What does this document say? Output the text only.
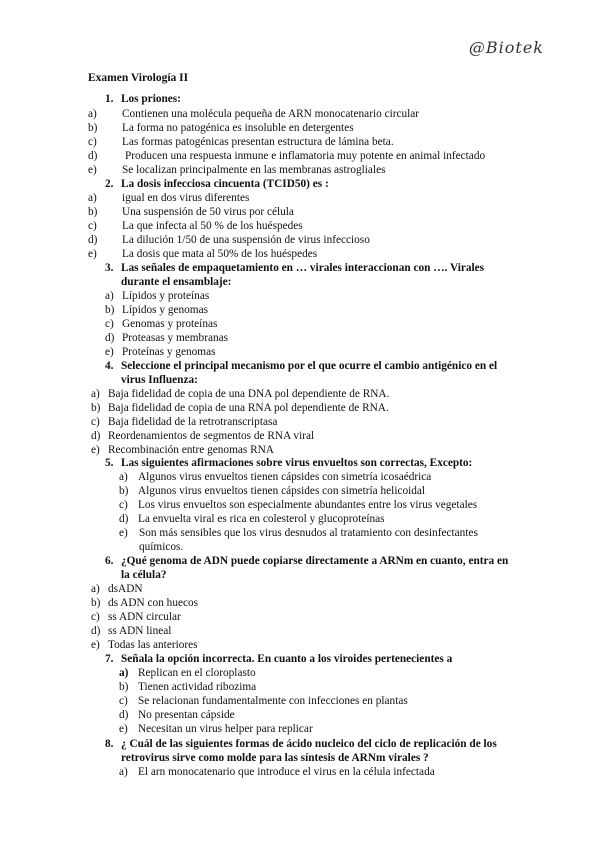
@Biotek
Examen Virología II
1. Los priones:
a) Contienen una molécula pequeña de ARN monocatenario circular
b) La forma no patogénica es insoluble en detergentes
c) Las formas patogénicas presentan estructura de lámina beta.
d) Producen una respuesta inmune e inflamatoria muy potente en animal infectado
e) Se localizan principalmente en las membranas astrogliales
2. La dosis infecciosa cincuenta (TCID50) es :
a) igual en dos virus diferentes
b) Una suspensión de 50 virus por célula
c) La que infecta al 50 % de los huéspedes
d) La dilución 1/50 de una suspensión de virus infeccioso
e) La dosis que mata al 50% de los huéspedes
3. Las señales de empaquetamiento en … virales interaccionan con …. Virales durante el ensamblaje:
a) Lípidos y proteínas
b) Lípidos y genomas
c) Genomas y proteínas
d) Proteasas y membranas
e) Proteínas y genomas
4. Seleccione el principal mecanismo por el que ocurre el cambio antigénico en el virus Influenza:
a) Baja fidelidad de copia de una DNA pol dependiente de RNA.
b) Baja fidelidad de copia de una RNA pol dependiente de RNA.
c) Baja fidelidad de la retrotranscriptasa
d) Reordenamientos de segmentos de RNA viral
e) Recombinación entre genomas RNA
5. Las siguientes afirmaciones sobre virus envueltos son correctas, Excepto:
a) Algunos virus envueltos tienen cápsides con simetría icosaédrica
b) Algunos virus envueltos tienen cápsides con simetría helicoidal
c) Los virus envueltos son especialmente abundantes entre los virus vegetales
d) La envuelta viral es rica en colesterol y glucoproteínas
e) Son más sensibles que los virus desnudos al tratamiento con desinfectantes químicos.
6. ¿Qué genoma de ADN puede copiarse directamente a ARNm en cuanto, entra en la célula?
a) dsADN
b) ds ADN con huecos
c) ss ADN circular
d) ss ADN lineal
e) Todas las anteriores
7. Señala la opción incorrecta. En cuanto a los viroides pertenecientes a
a) Replican en el cloroplasto
b) Tienen actividad ribozima
c) Se relacionan fundamentalmente con infecciones en plantas
d) No presentan cápside
e) Necesitan un virus helper para replicar
8. ¿ Cuál de las siguientes formas de ácido nucleico del ciclo de replicación de los retrovirus sirve como molde para las síntesis de ARNm virales ?
a) El arn monocatenario que introduce el virus en la célula infectada
